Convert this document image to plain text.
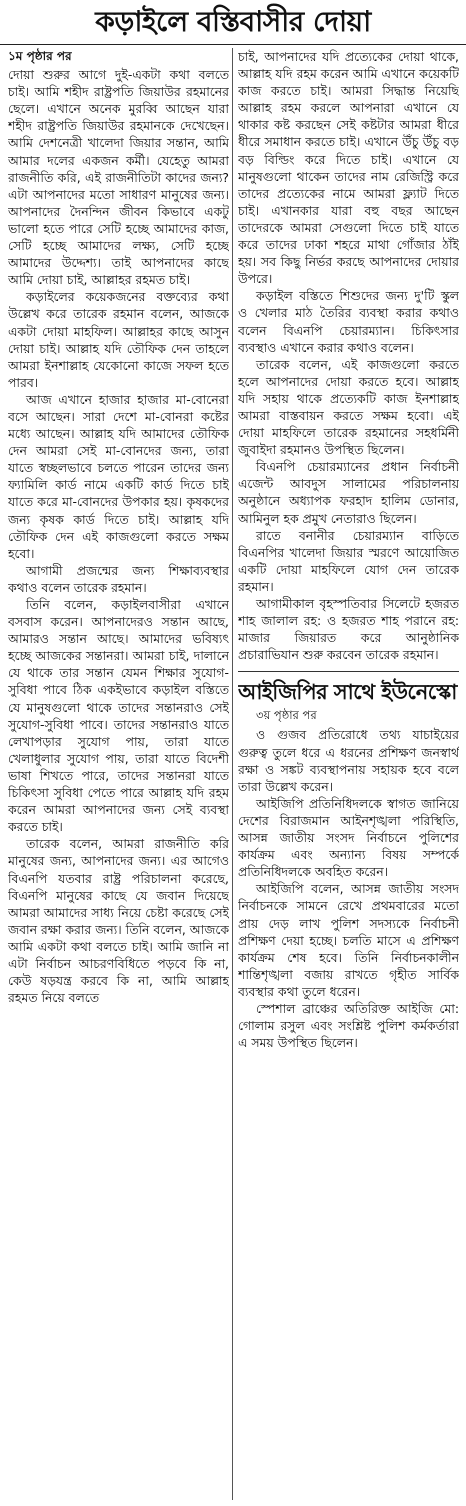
কড়াইলে বস্তিবাসীর দোয়া
১ম পৃষ্ঠার পর

দোয়া শুরুর আগে দুই-একটা কথা বলতে চাই। আমি শহীদ রাষ্ট্রপতি জিয়াউর রহমানের ছেলে। এখানে অনেক মুরব্বি আছেন যারা শহীদ রাষ্ট্রপতি জিয়াউর রহমানকে দেখেছেন। আমি দেশনেত্রী খালেদা জিয়ার সন্তান, আমি আমার দলের একজন কর্মী। যেহেতু আমরা রাজনীতি করি, এই রাজনীতিটা কাদের জন্য? এটা আপনাদের মতো সাধারণ মানুষের জন্য। আপনাদের দৈনন্দিন জীবন কিভাবে একটু ভালো হতে পারে সেটি হচ্ছে আমাদের কাজ, সেটি হচ্ছে আমাদের লক্ষ্য, সেটি হচ্ছে আমাদের উদ্দেশ্য। তাই আপনাদের কাছে আমি দোয়া চাই, আল্লাহর রহমত চাই।

কড়াইলের কয়েকজনের বক্তব্যের কথা উল্লেখ করে তারেক রহমান বলেন, আজকে একটা দোয়া মাহফিল। আল্লাহর কাছে আসুন দোয়া চাই। আল্লাহ যদি তৌফিক দেন তাহলে আমরা ইনশাল্লাহ যেকোনো কাজে সফল হতে পারব।

আজ এখানে হাজার হাজার মা-বোনেরা বসে আছেন। সারা দেশে মা-বোনরা কষ্টের মধ্যে আছেন। আল্লাহ যদি আমাদের তৌফিক দেন আমরা সেই মা-বোনদের জন্য, তারা যাতে স্বচ্ছলভাবে চলতে পারেন তাদের জন্য ফ্যামিলি কার্ড নামে একটি কার্ড দিতে চাই যাতে করে মা-বোনদের উপকার হয়। কৃষকদের জন্য কৃষক কার্ড দিতে চাই। আল্লাহ যদি তৌফিক দেন এই কাজগুলো করতে সক্ষম হবো।

আগামী প্রজন্মের জন্য শিক্ষাব্যবস্থার কথাও বলেন তারেক রহমান।

তিনি বলেন, কড়াইলবাসীরা এখানে বসবাস করেন। আপনাদেরও সন্তান আছে, আমারও সন্তান আছে। আমাদের ভবিষ্যৎ হচ্ছে আজকের সন্তানরা। আমরা চাই, দালানে যে থাকে তার সন্তান যেমন শিক্ষার সুযোগ-সুবিধা পাবে ঠিক একইভাবে কড়াইল বস্তিতে যে মানুষগুলো থাকে তাদের সন্তানরাও সেই সুযোগ-সুবিধা পাবে। তাদের সন্তানরাও যাতে লেখাপড়ার সুযোগ পায়, তারা যাতে খেলাধুলার সুযোগ পায়, তারা যাতে বিদেশী ভাষা শিখতে পারে, তাদের সন্তানরা যাতে চিকিৎসা সুবিধা পেতে পারে আল্লাহ যদি রহম করেন আমরা আপনাদের জন্য সেই ব্যবস্থা করতে চাই।

তারেক বলেন, আমরা রাজনীতি করি মানুষের জন্য, আপনাদের জন্য। এর আগেও বিএনপি যতবার রাষ্ট্র পরিচালনা করেছে, বিএনপি মানুষের কাছে যে জবান দিয়েছে আমরা আমাদের সাধ্য নিয়ে চেষ্টা করেছে সেই জবান রক্ষা করার জন্য। তিনি বলেন, আজকে আমি একটা কথা বলতে চাই। আমি জানি না এটা নির্বাচন আচরণবিধিতে পড়বে কি না, কেউ ষড়যন্ত্র করবে কি না, আমি আল্লাহ রহমত নিয়ে বলতে

চাই, আপনাদের যদি প্রত্যেকের দোয়া থাকে, আল্লাহ যদি রহম করেন আমি এখানে কয়েকটি কাজ করতে চাই। আমরা সিদ্ধান্ত নিয়েছি আল্লাহ রহম করলে আপনারা এখানে যে থাকার কষ্ট করছেন সেই কষ্টটার আমরা ধীরে ধীরে সমাধান করতে চাই। এখানে উঁচু উঁচু বড় বড় বিল্ডিং করে দিতে চাই। এখানে যে মানুষগুলো থাকেন তাদের নাম রেজিস্ট্রি করে তাদের প্রত্যেকের নামে আমরা ফ্ল্যাট দিতে চাই। এখানকার যারা বহু বছর আছেন তাদেরকে আমরা সেগুলো দিতে চাই যাতে করে তাদের ঢাকা শহরে মাথা গোঁজার ঠাঁই হয়। সব কিছু নির্ভর করছে আপনাদের দোয়ার উপরে।

কড়াইল বস্তিতে শিশুদের জন্য দু'টি স্কুল ও খেলার মাঠ তৈরির ব্যবস্থা করার কথাও বলেন বিএনপি চেয়ারম্যান। চিকিৎসার ব্যবস্থাও এখানে করার কথাও বলেন।

তারেক বলেন, এই কাজগুলো করতে হলে আপনাদের দোয়া করতে হবে। আল্লাহ যদি সহায় থাকে প্রত্যেকটি কাজ ইনশাল্লাহ আমরা বাস্তবায়ন করতে সক্ষম হবো। এই দোয়া মাহফিলে তারেক রহমানের সহধর্মিনী জুবাইদা রহমানও উপস্থিত ছিলেন।

বিএনপি চেয়ারম্যানের প্রধান নির্বাচনী এজেন্ট আবদুস সালামের পরিচালনায় অনুষ্ঠানে অধ্যাপক ফরহাদ হালিম ডোনার, আমিনুল হক প্রমুখ নেতারাও ছিলেন।

রাতে বনানীর চেয়ারম্যান বাড়িতে বিএনপির খালেদা জিয়ার স্মরণে আয়োজিত একটি দোয়া মাহফিলে যোগ দেন তারেক রহমান।

আগামীকাল বৃহস্পতিবার সিলেটে হজরত শাহ জালাল রহ: ও হজরত শাহ পরানে রহ: মাজার জিয়ারত করে আনুষ্ঠানিক প্রচারাভিযান শুরু করবেন তারেক রহমান।

আইজিপির সাথে ইউনেস্কো
৩য় পৃষ্ঠার পর

ও গুজব প্রতিরোধে তথ্য যাচাইয়ের গুরুত্ব তুলে ধরে এ ধরনের প্রশিক্ষণ জনস্বার্থ রক্ষা ও সঙ্কট ব্যবস্থাপনায় সহায়ক হবে বলে তারা উল্লেখ করেন।

আইজিপি প্রতিনিধিদলকে স্বাগত জানিয়ে দেশের বিরাজমান আইনশৃঙ্খলা পরিস্থিতি, আসন্ন জাতীয় সংসদ নির্বাচনে পুলিশের কার্যক্রম এবং অন্যান্য বিষয় সম্পর্কে প্রতিনিধিদলকে অবহিত করেন।

আইজিপি বলেন, আসন্ন জাতীয় সংসদ নির্বাচনকে সামনে রেখে প্রথমবারের মতো প্রায় দেড় লাখ পুলিশ সদস্যকে নির্বাচনী প্রশিক্ষণ দেয়া হচ্ছে। চলতি মাসে এ প্রশিক্ষণ কার্যক্রম শেষ হবে। তিনি নির্বাচনকালীন শান্তিশৃঙ্খলা বজায় রাখতে গৃহীত সার্বিক ব্যবস্থার কথা তুলে ধরেন।

স্পেশাল ব্রাঞ্চের অতিরিক্ত আইজি মো: গোলাম রসুল এবং সংশ্লিষ্ট পুলিশ কর্মকর্তারা এ সময় উপস্থিত ছিলেন।
